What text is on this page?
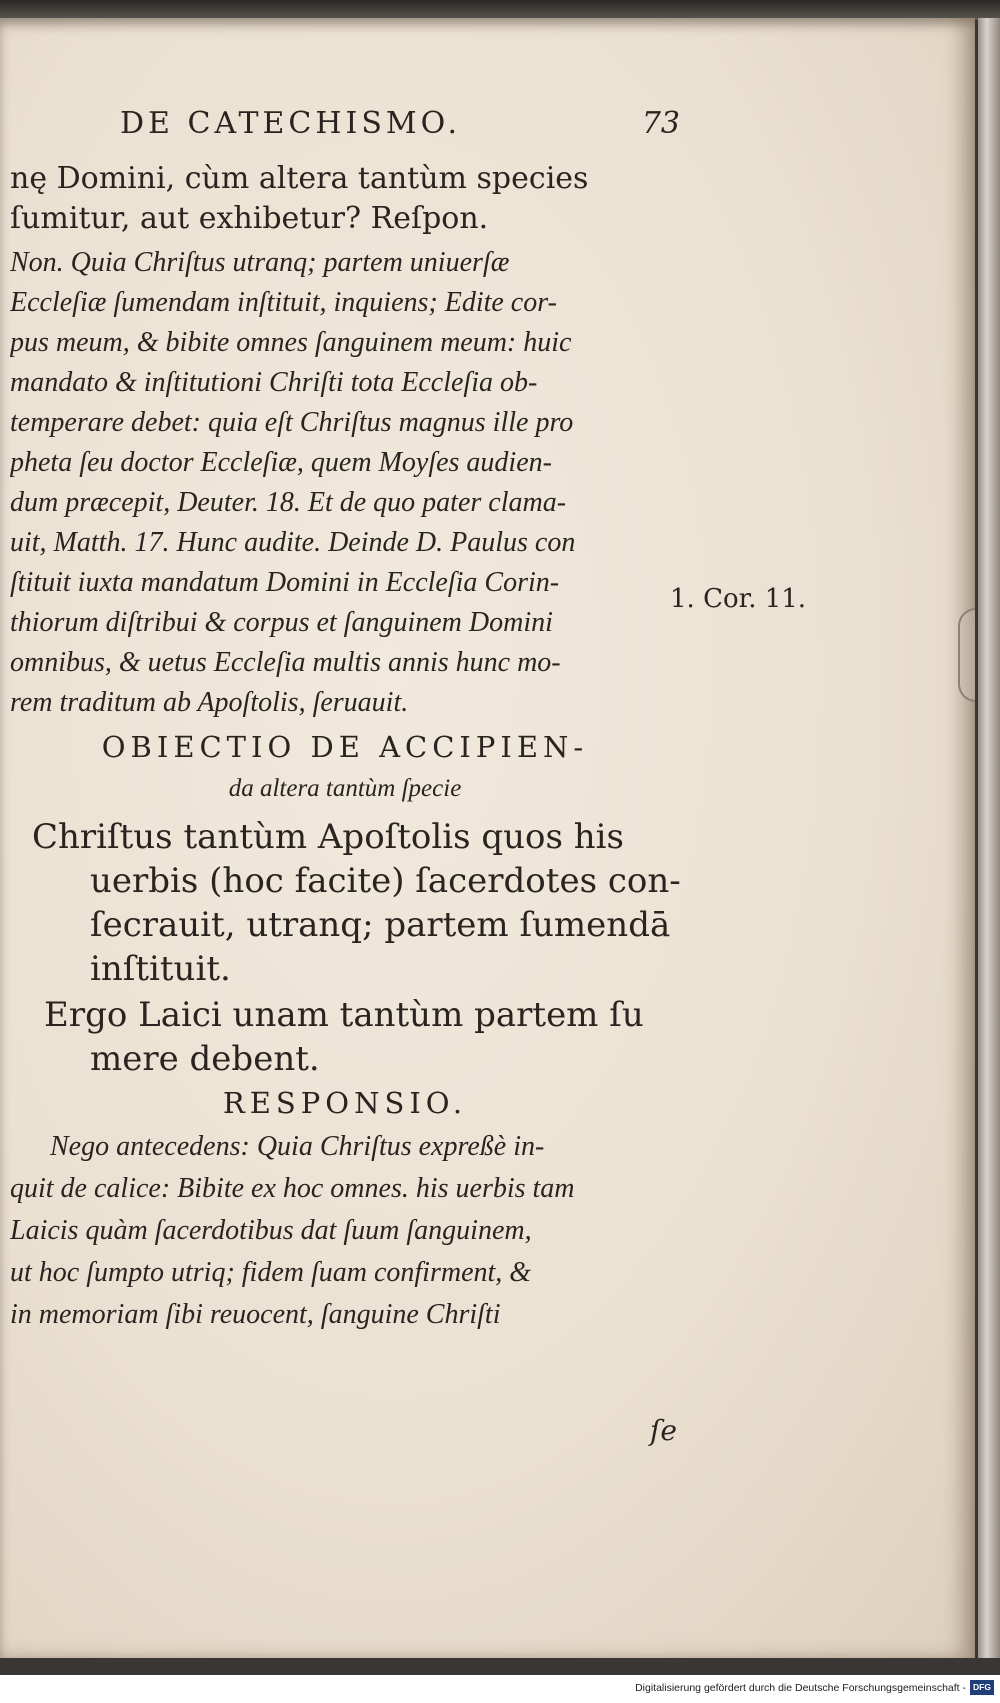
DE CATECHISMO.	73
nę Domini, cùm altera tantùm species
ſumitur, aut exhibetur? Reſpon.
Non. Quia Chriſtus utranq; partem uniuerſæ
Eccleſiæ ſumendam inſtituit, inquiens; Edite cor-
pus meum, & bibite omnes ſanguinem meum: huic
mandato & inſtitutioni Chriſti tota Eccleſia ob-
temperare debet: quia eſt Chriſtus magnus ille pro
pheta ſeu doctor Eccleſiæ, quem Moyſes audien-
dum præcepit, Deuter. 18. Et de quo pater clama-
uit, Matth. 17. Hunc audite. Deinde D. Paulus con
ſtituit iuxta mandatum Domini in Eccleſia Corin-
thiorum diſtribui & corpus et ſanguinem Domini
omnibus, & uetus Eccleſia multis annis hunc mo-
rem traditum ab Apoſtolis, ſeruauit.
1. Cor. 11.
OBIECTIO DE ACCIPIEN-
da altera tantùm ſpecie
Chriſtus tantùm Apoſtolis quos his
uerbis (hoc facite) ſacerdotes con-
ſecrauit, utranq; partem ſumendā
inſtituit.
Ergo Laici unam tantùm partem ſu
mere debent.
RESPONSIO.
Nego antecedens: Quia Chriſtus expreßè in-
quit de calice: Bibite ex hoc omnes. his uerbis tam
Laicis quàm ſacerdotibus dat ſuum ſanguinem,
ut hoc ſumpto utriq; fidem ſuam confirment, &
in memoriam ſibi reuocent, ſanguine Chriſti
ſe
Digitalisierung gefördert durch die Deutsche Forschungsgemeinschaft - DFG
